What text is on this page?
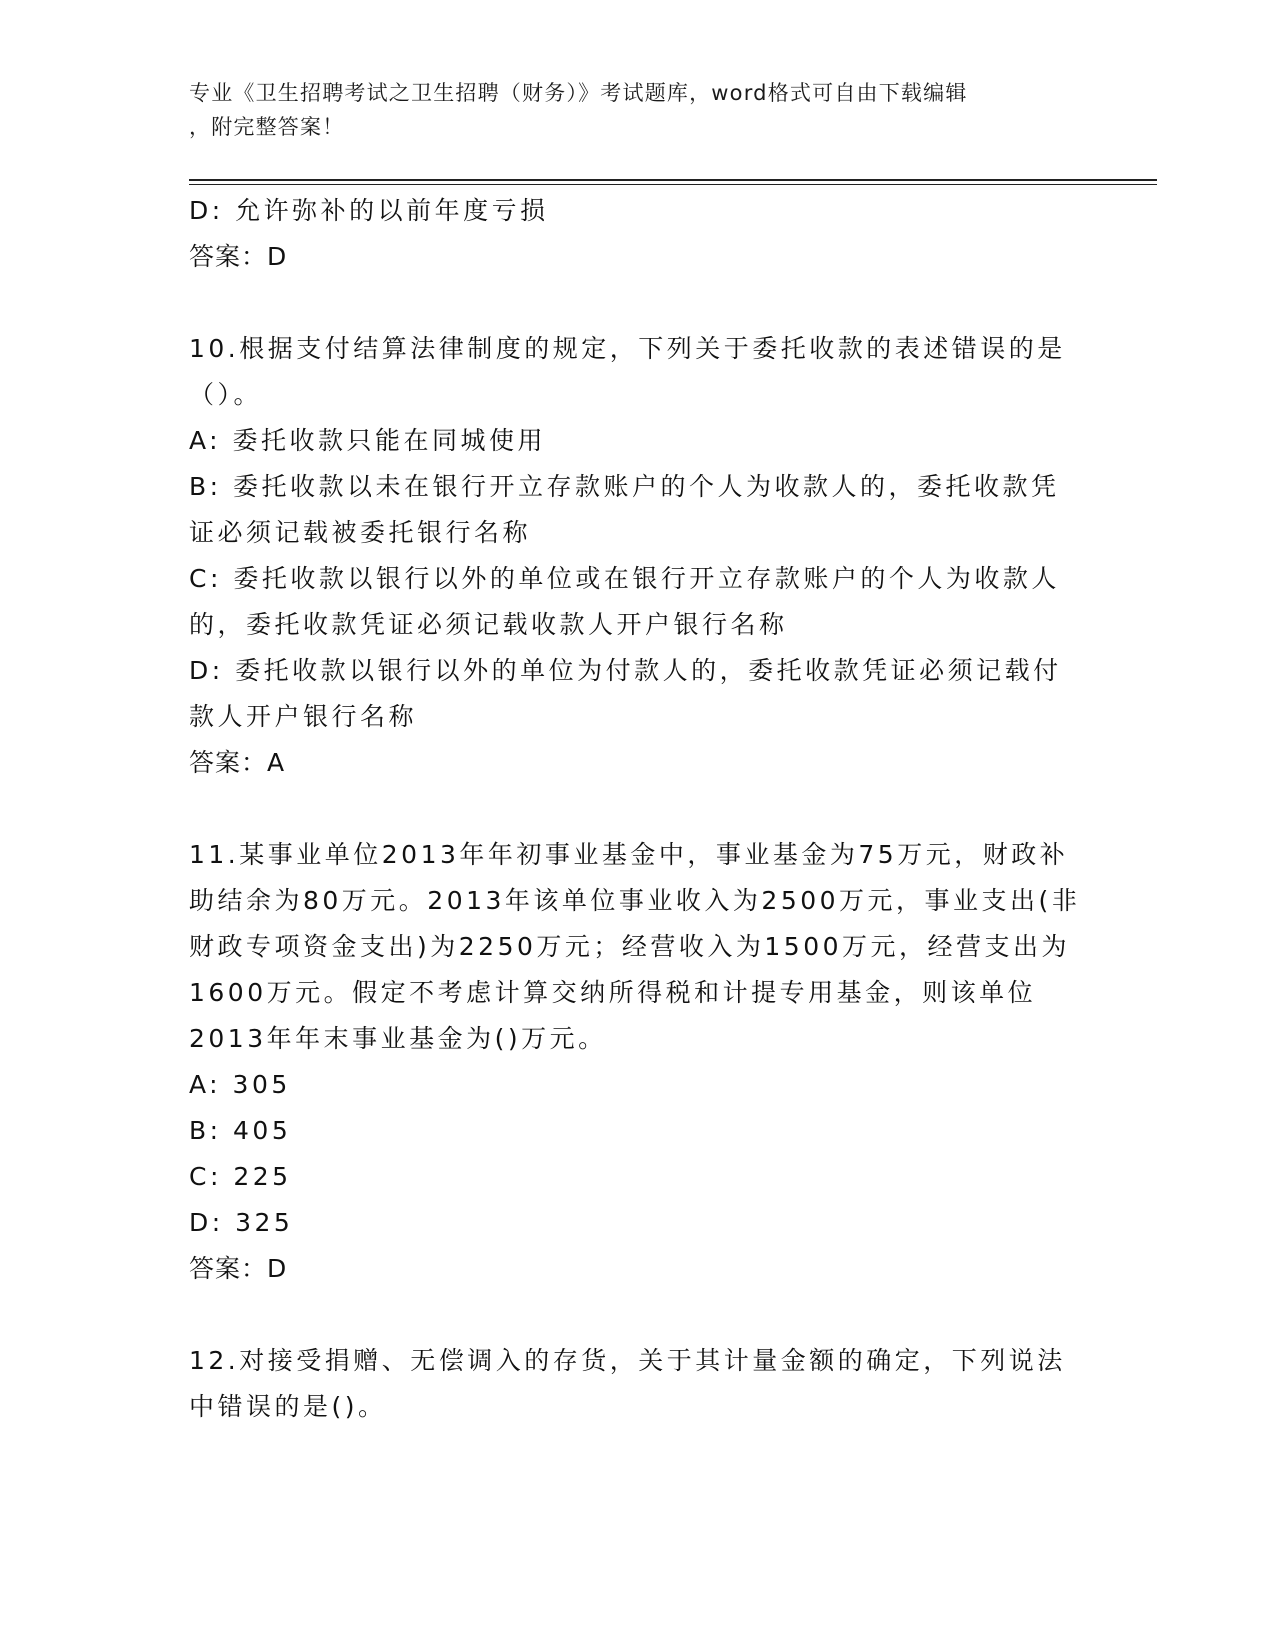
专业《卫生招聘考试之卫生招聘（财务）》考试题库，word格式可自由下载编辑
，附完整答案！
D: 允许弥补的以前年度亏损
答案：D
10.根据支付结算法律制度的规定，下列关于委托收款的表述错误的是
（）。
A: 委托收款只能在同城使用
B: 委托收款以未在银行开立存款账户的个人为收款人的，委托收款凭
证必须记载被委托银行名称
C: 委托收款以银行以外的单位或在银行开立存款账户的个人为收款人
的，委托收款凭证必须记载收款人开户银行名称
D: 委托收款以银行以外的单位为付款人的，委托收款凭证必须记载付
款人开户银行名称
答案：A
11.某事业单位2013年年初事业基金中，事业基金为75万元，财政补
助结余为80万元。2013年该单位事业收入为2500万元，事业支出(非
财政专项资金支出)为2250万元；经营收入为1500万元，经营支出为
1600万元。假定不考虑计算交纳所得税和计提专用基金，则该单位
2013年年末事业基金为()万元。
A: 305
B: 405
C: 225
D: 325
答案：D
12.对接受捐赠、无偿调入的存货，关于其计量金额的确定，下列说法
中错误的是()。
